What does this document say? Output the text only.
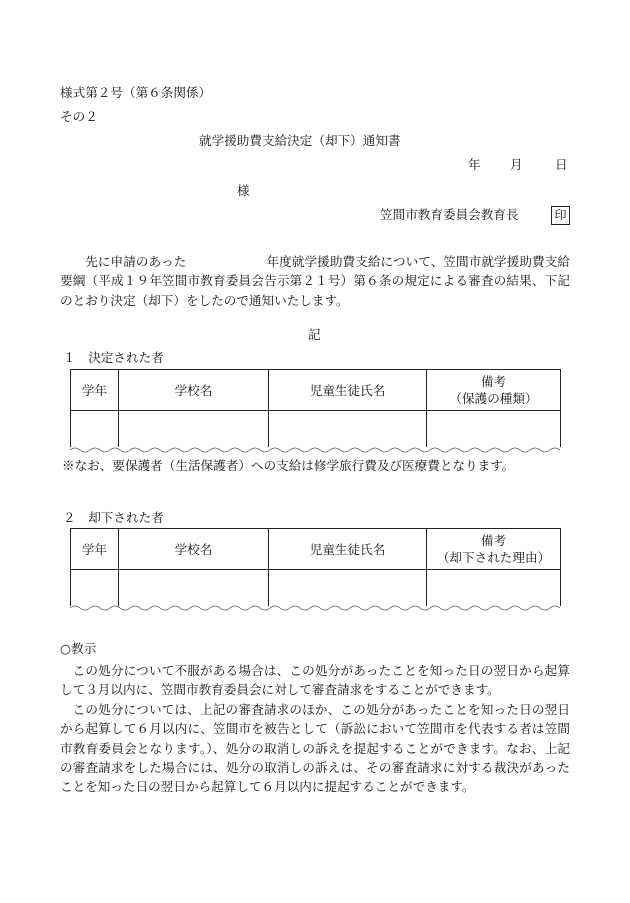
様式第２号（第６条関係）
その２
就学援助費支給決定（却下）通知書
年 月	日
様
笠間市教育委員会教育長	印

先に申請のあった	年度就学援助費支給について、笠間市就学援助費支給要綱（平成１９年笠間市教育委員会告示第２１号）第６条の規定による審査の結果、下記のとおり決定（却下）をしたので通知いたします。

記
１　決定された者
学年	学校名	児童生徒氏名	備考
（保護の種類）

※なお、要保護者（生活保護者）への支給は修学旅行費及び医療費となります。
２　却下された者
学年	学校名	児童生徒氏名	備考
（却下された理由）

○教示

この処分について不服がある場合は、この処分があったことを知った日の翌日から起算して３月以内に、笠間市教育委員会に対して審査請求をすることができます。

この処分については、上記の審査請求のほか、この処分があったことを知った日の翌日から起算して６月以内に、笠間市を被告として（訴訟において笠間市を代表する者は笠間市教育委員会となります。）、処分の取消しの訴えを提起することができます。なお、上記の審査請求をした場合には、処分の取消しの訴えは、その審査請求に対する裁決があったことを知った日の翌日から起算して６月以内に提起することができます。
